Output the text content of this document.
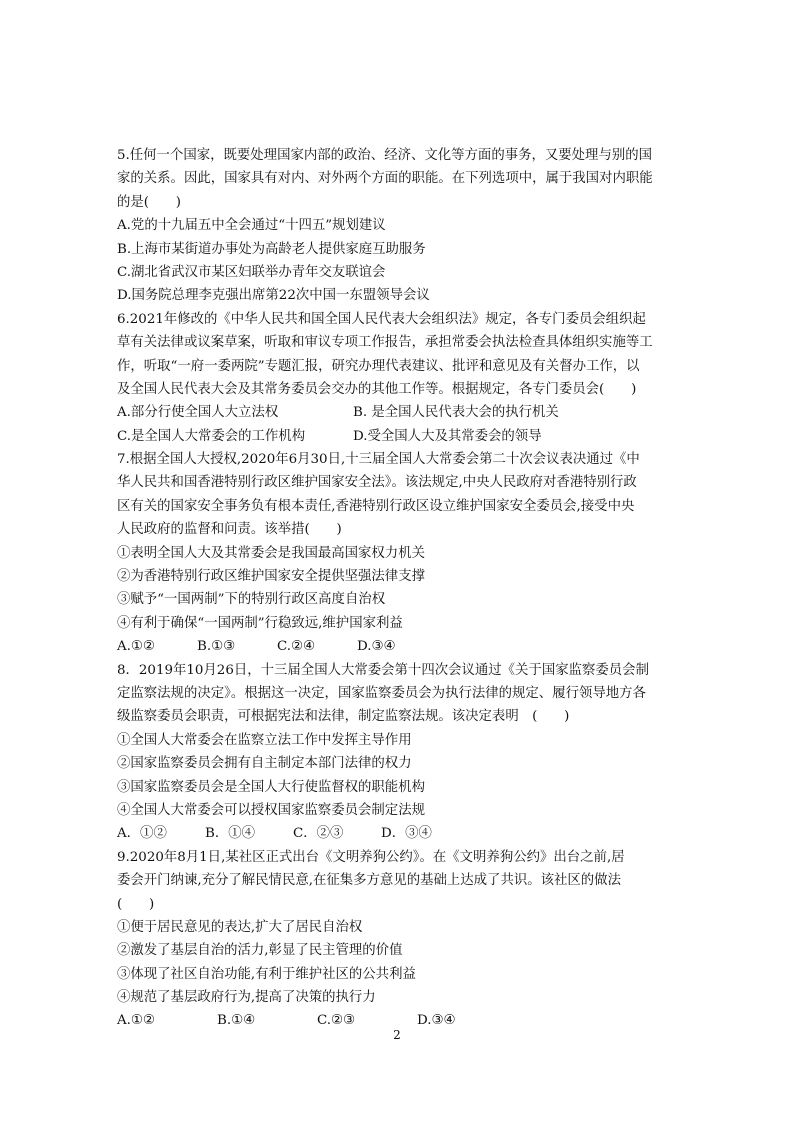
5.任何一个国家，既要处理国家内部的政治、经济、文化等方面的事务，又要处理与别的国
家的关系。因此，国家具有对内、对外两个方面的职能。在下列选项中，属于我国对内职能
的是(　　)
A.党的十九届五中全会通过“十四五”规划建议
B.上海市某街道办事处为高龄老人提供家庭互助服务
C.湖北省武汉市某区妇联举办青年交友联谊会
D.国务院总理李克强出席第22次中国一东盟领导会议
6.2021年修改的《中华人民共和国全国人民代表大会组织法》规定，各专门委员会组织起
草有关法律或议案草案，听取和审议专项工作报告，承担常委会执法检查具体组织实施等工
作，听取“一府一委两院”专题汇报，研究办理代表建议、批评和意见及有关督办工作，以
及全国人民代表大会及其常务委员会交办的其他工作等。根据规定，各专门委员会(　　)
A.部分行使全国人大立法权	B. 是全国人民代表大会的执行机关
C.是全国人大常委会的工作机构	D.受全国人大及其常委会的领导
7.根据全国人大授权,2020年6月30日,十三届全国人大常委会第二十次会议表决通过《中
华人民共和国香港特别行政区维护国家安全法》。该法规定,中央人民政府对香港特别行政
区有关的国家安全事务负有根本责任,香港特别行政区设立维护国家安全委员会,接受中央
人民政府的监督和问责。该举措(　　)
①表明全国人大及其常委会是我国最高国家权力机关
②为香港特别行政区维护国家安全提供坚强法律支撑
③赋予“一国两制”下的特别行政区高度自治权
④有利于确保“一国两制”行稳致远,维护国家利益
A.①②	B.①③	C.②④	D.③④
8．2019年10月26日，十三届全国人大常委会第十四次会议通过《关于国家监察委员会制
定监察法规的决定》。根据这一决定，国家监察委员会为执行法律的规定、履行领导地方各
级监察委员会职责，可根据宪法和法律，制定监察法规。该决定表明　(　　)
①全国人大常委会在监察立法工作中发挥主导作用
②国家监察委员会拥有自主制定本部门法律的权力
③国家监察委员会是全国人大行使监督权的职能机构
④全国人大常委会可以授权国家监察委员会制定法规
A．①②	B．①④	C．②③	D．③④
9.2020年8月1日,某社区正式出台《文明养狗公约》。在《文明养狗公约》出台之前,居
委会开门纳谏,充分了解民情民意,在征集多方意见的基础上达成了共识。该社区的做法
(　　)
①便于居民意见的表达,扩大了居民自治权
②激发了基层自治的活力,彰显了民主管理的价值
③体现了社区自治功能,有利于维护社区的公共利益
④规范了基层政府行为,提高了决策的执行力
A.①②	B.①④	C.②③	D.③④
2
